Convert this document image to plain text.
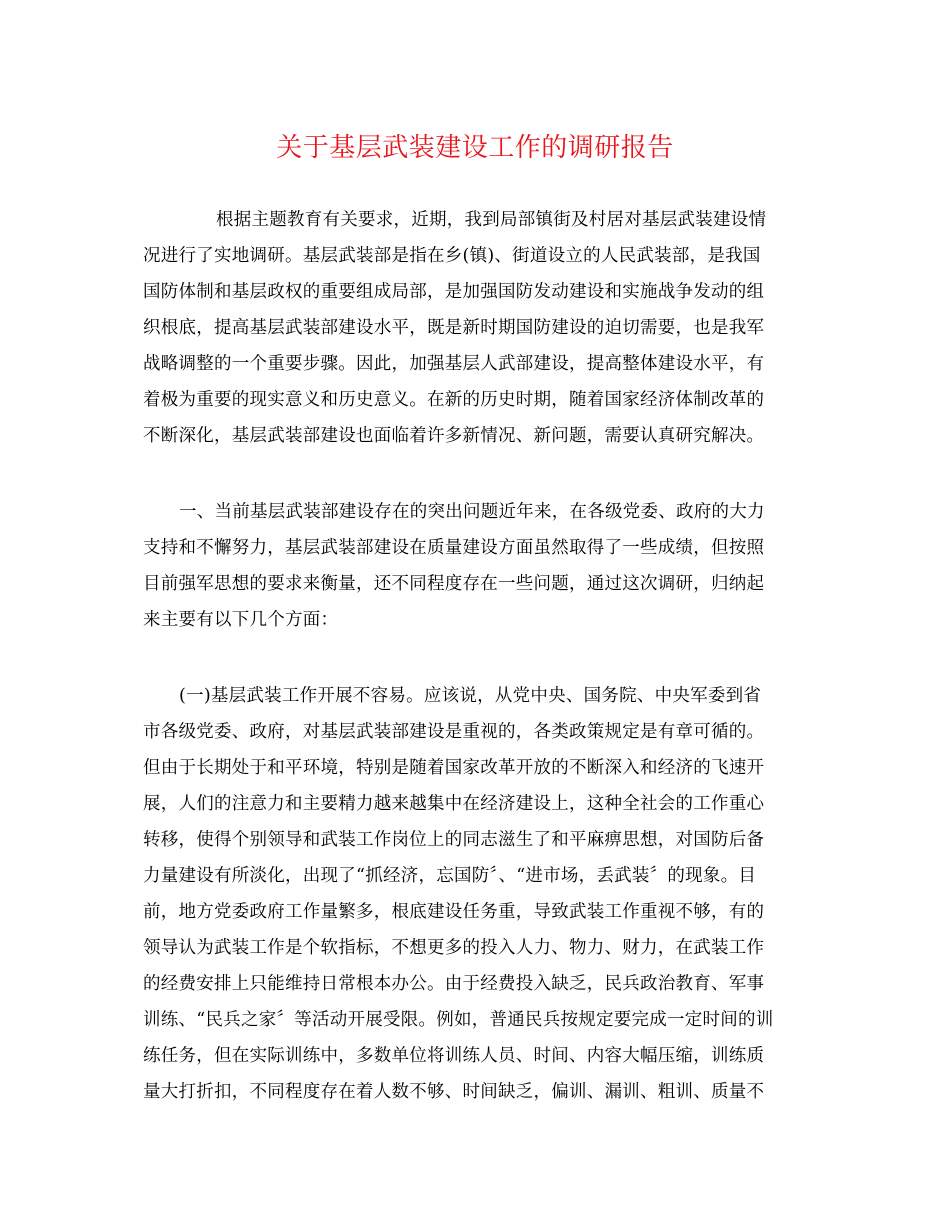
关于基层武装建设工作的调研报告
根据主题教育有关要求，近期，我到局部镇街及村居对基层武装建设情
况进行了实地调研。基层武装部是指在乡(镇)、街道设立的人民武装部，是我国
国防体制和基层政权的重要组成局部，是加强国防发动建设和实施战争发动的组
织根底，提高基层武装部建设水平，既是新时期国防建设的迫切需要，也是我军
战略调整的一个重要步骤。因此，加强基层人武部建设，提高整体建设水平，有
着极为重要的现实意义和历史意义。在新的历史时期，随着国家经济体制改革的
不断深化，基层武装部建设也面临着许多新情况、新问题，需要认真研究解决。
一、当前基层武装部建设存在的突出问题近年来，在各级党委、政府的大力
支持和不懈努力，基层武装部建设在质量建设方面虽然取得了一些成绩，但按照
目前强军思想的要求来衡量，还不同程度存在一些问题，通过这次调研，归纳起
来主要有以下几个方面：
(一)基层武装工作开展不容易。应该说，从党中央、国务院、中央军委到省
市各级党委、政府，对基层武装部建设是重视的，各类政策规定是有章可循的。
但由于长期处于和平环境，特别是随着国家改革开放的不断深入和经济的飞速开
展，人们的注意力和主要精力越来越集中在经济建设上，这种全社会的工作重心
转移，使得个别领导和武装工作岗位上的同志滋生了和平麻痹思想，对国防后备
力量建设有所淡化，出现了“抓经济，忘国防〞、“进市场，丢武装〞的现象。目
前，地方党委政府工作量繁多，根底建设任务重，导致武装工作重视不够，有的
领导认为武装工作是个软指标，不想更多的投入人力、物力、财力，在武装工作
的经费安排上只能维持日常根本办公。由于经费投入缺乏，民兵政治教育、军事
训练、“民兵之家〞等活动开展受限。例如，普通民兵按规定要完成一定时间的训
练任务，但在实际训练中，多数单位将训练人员、时间、内容大幅压缩，训练质
量大打折扣，不同程度存在着人数不够、时间缺乏，偏训、漏训、粗训、质量不
